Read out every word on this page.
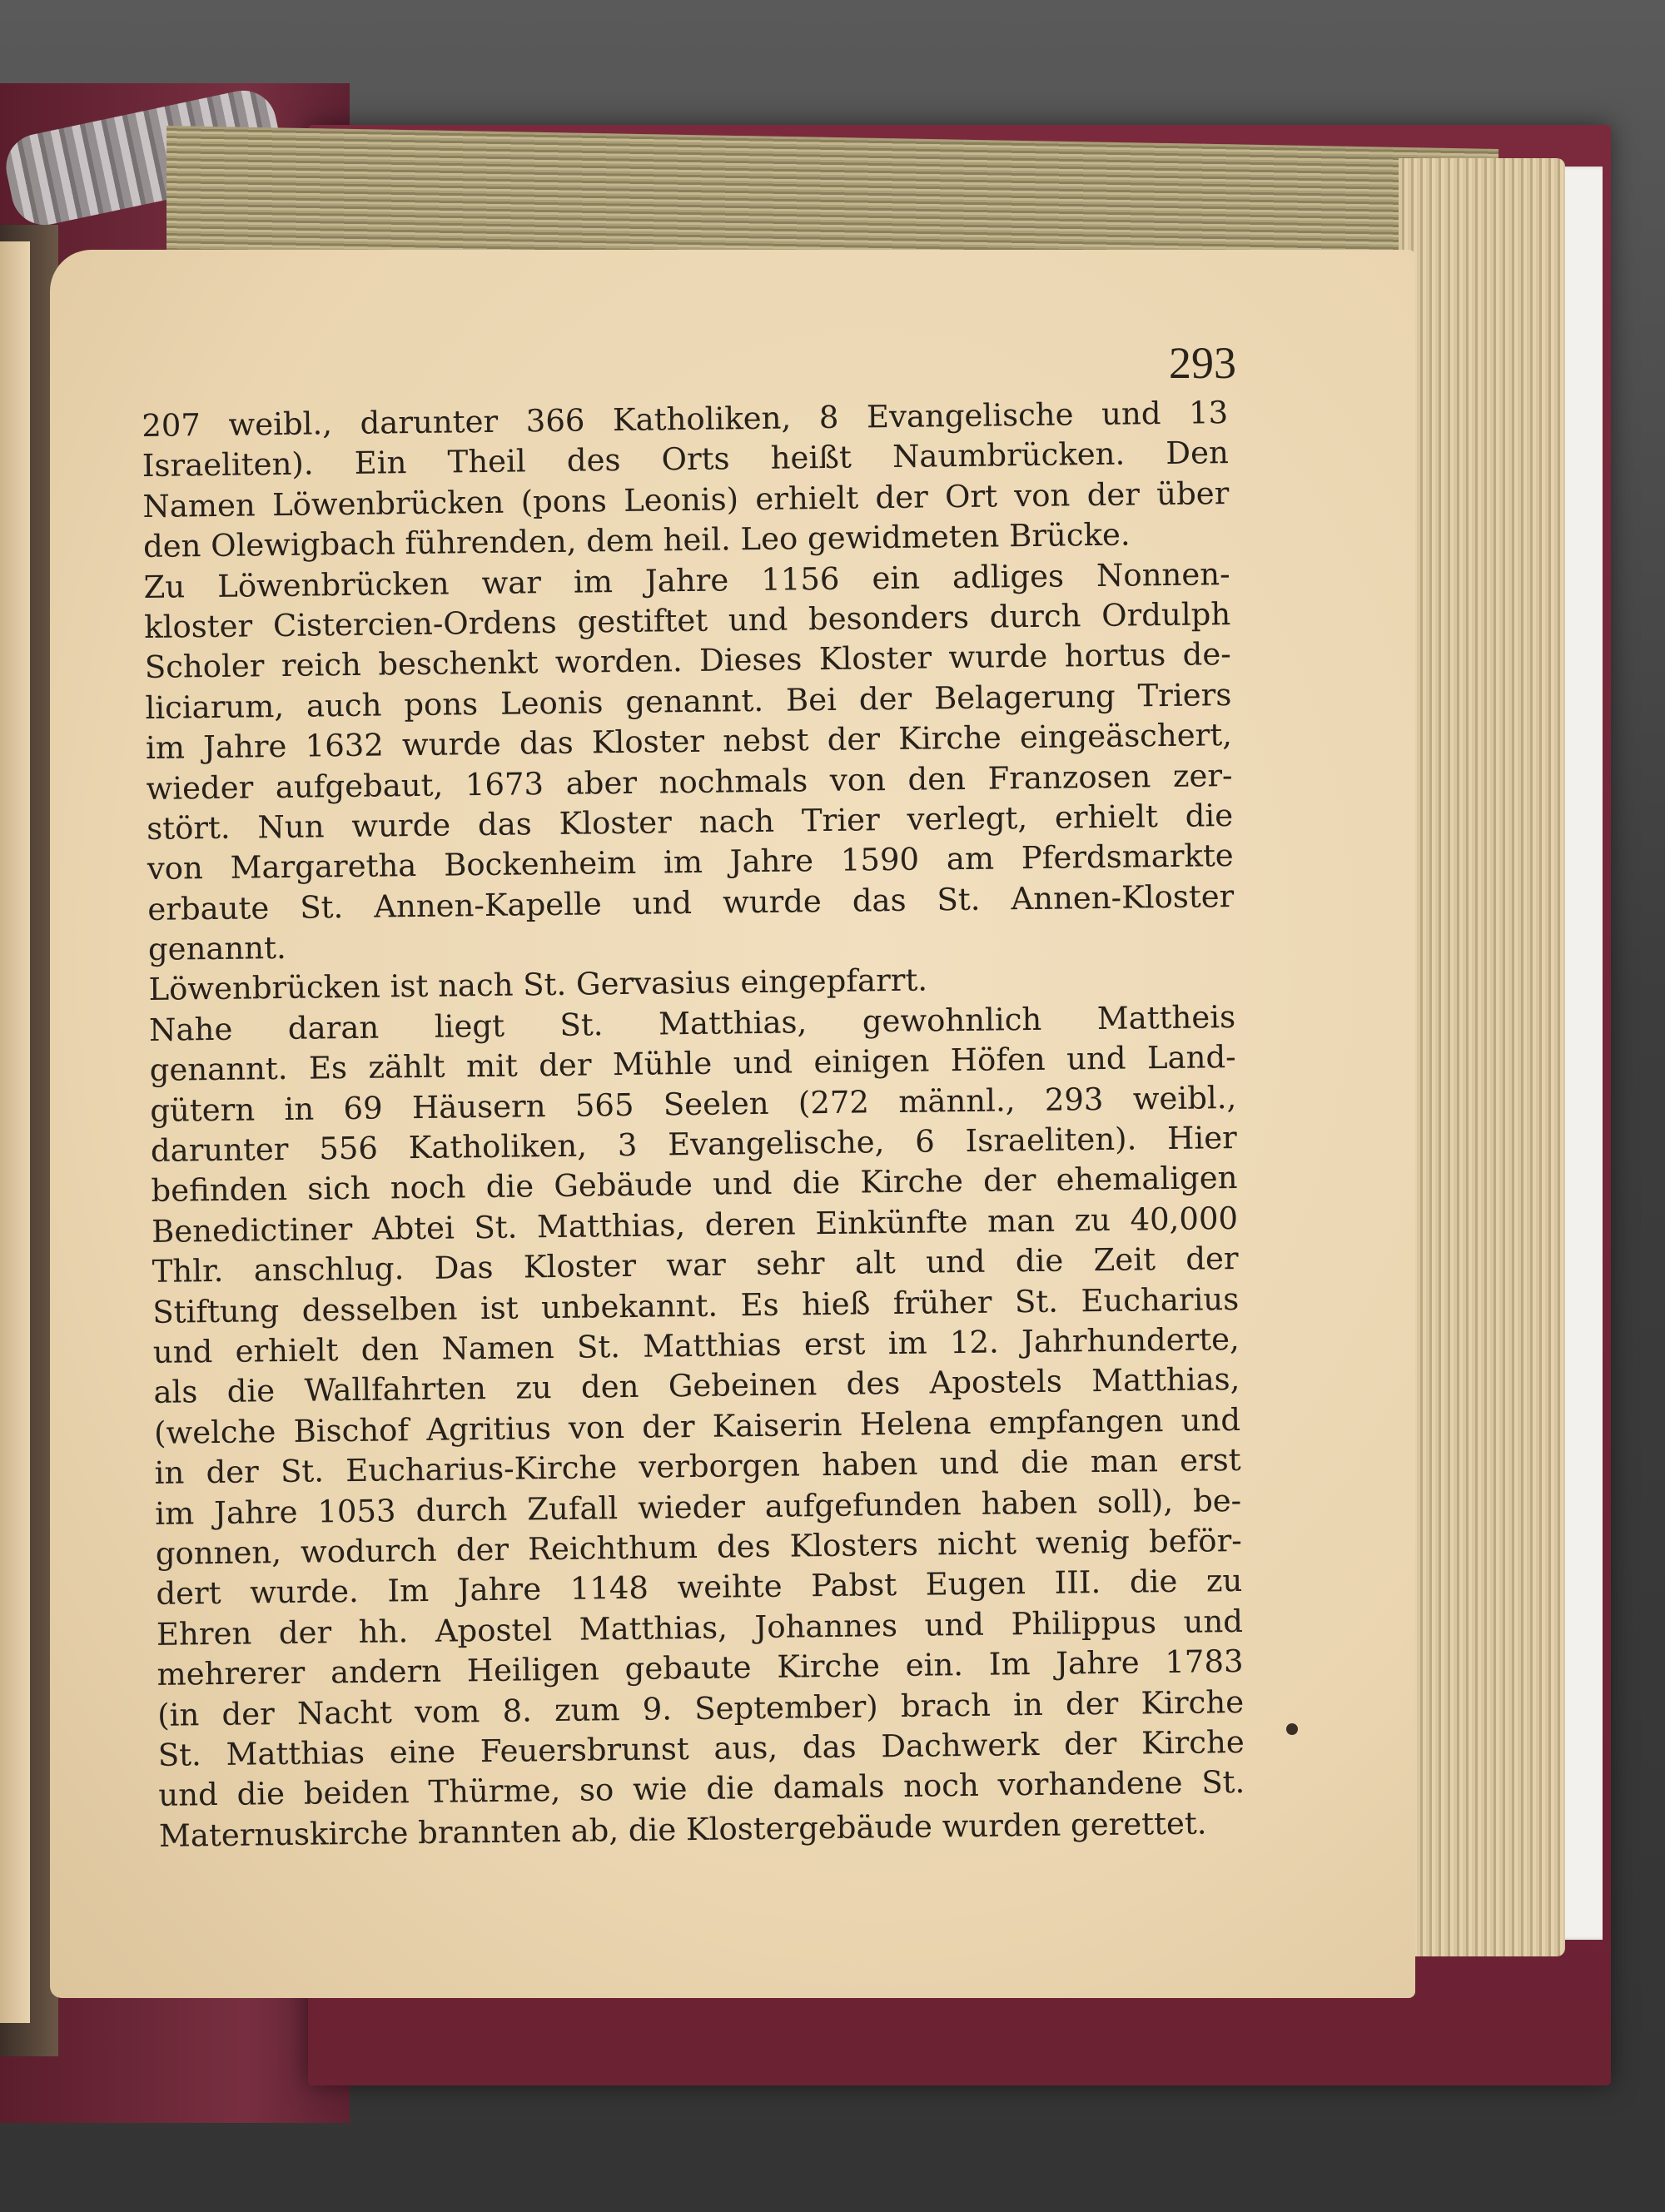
293
207 weibl., darunter 366 Katholiken, 8 Evangelische und 13
Israeliten). Ein Theil des Orts heißt Naumbrücken. Den
Namen Löwenbrücken (pons Leonis) erhielt der Ort von der über
den Olewigbach führenden, dem heil. Leo gewidmeten Brücke.
Zu Löwenbrücken war im Jahre 1156 ein adliges Nonnen-
kloster Cistercien-Ordens gestiftet und besonders durch Ordulph
Scholer reich beschenkt worden. Dieses Kloster wurde hortus de-
liciarum, auch pons Leonis genannt. Bei der Belagerung Triers
im Jahre 1632 wurde das Kloster nebst der Kirche eingeäschert,
wieder aufgebaut, 1673 aber nochmals von den Franzosen zer-
stört. Nun wurde das Kloster nach Trier verlegt, erhielt die
von Margaretha Bockenheim im Jahre 1590 am Pferdsmarkte
erbaute St. Annen-Kapelle und wurde das St. Annen-Kloster
genannt.
Löwenbrücken ist nach St. Gervasius eingepfarrt.
Nahe daran liegt St. Matthias, gewohnlich Mattheis
genannt. Es zählt mit der Mühle und einigen Höfen und Land-
gütern in 69 Häusern 565 Seelen (272 männl., 293 weibl.,
darunter 556 Katholiken, 3 Evangelische, 6 Israeliten). Hier
befinden sich noch die Gebäude und die Kirche der ehemaligen
Benedictiner Abtei St. Matthias, deren Einkünfte man zu 40,000
Thlr. anschlug. Das Kloster war sehr alt und die Zeit der
Stiftung desselben ist unbekannt. Es hieß früher St. Eucharius
und erhielt den Namen St. Matthias erst im 12. Jahrhunderte,
als die Wallfahrten zu den Gebeinen des Apostels Matthias,
(welche Bischof Agritius von der Kaiserin Helena empfangen und
in der St. Eucharius-Kirche verborgen haben und die man erst
im Jahre 1053 durch Zufall wieder aufgefunden haben soll), be-
gonnen, wodurch der Reichthum des Klosters nicht wenig beför-
dert wurde. Im Jahre 1148 weihte Pabst Eugen III. die zu
Ehren der hh. Apostel Matthias, Johannes und Philippus und
mehrerer andern Heiligen gebaute Kirche ein. Im Jahre 1783
(in der Nacht vom 8. zum 9. September) brach in der Kirche
St. Matthias eine Feuersbrunst aus, das Dachwerk der Kirche
und die beiden Thürme, so wie die damals noch vorhandene St.
Maternuskirche brannten ab, die Klostergebäude wurden gerettet.
